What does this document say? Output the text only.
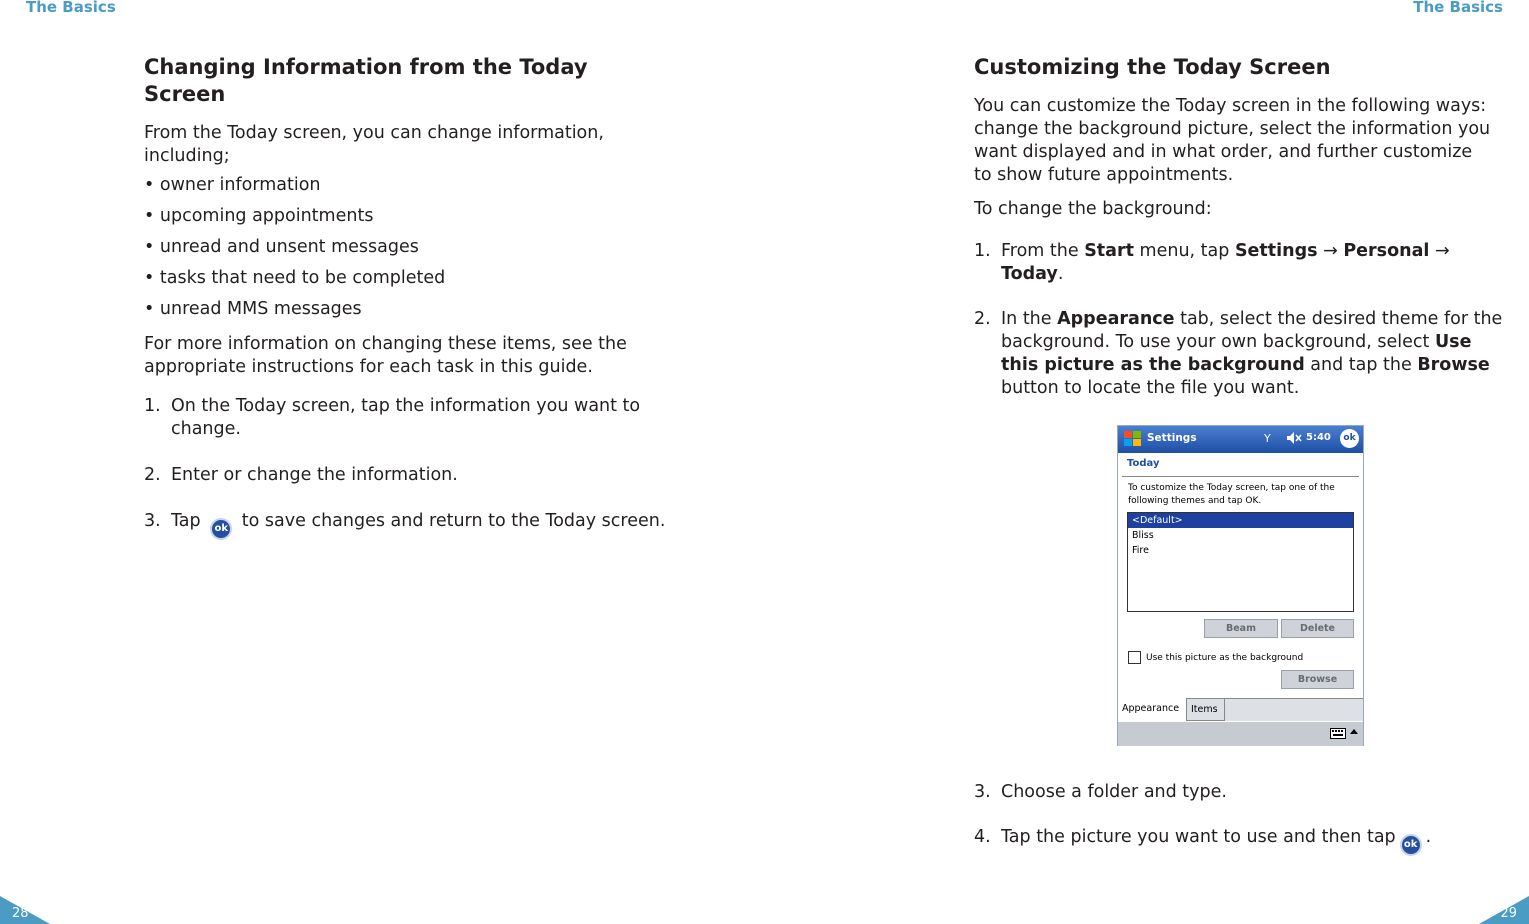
The Basics	The Basics
28	29
Changing Information from the Today Screen

From the Today screen, you can change information, including;

• owner information
• upcoming appointments
• unread and unsent messages
• tasks that need to be completed
• unread MMS messages

For more information on changing these items, see the appropriate instructions for each task in this guide.

1. On the Today screen, tap the information you want to change.
2. Enter or change the information.
3. Tap ok to save changes and return to the Today screen.
Customizing the Today Screen

You can customize the Today screen in the following ways: change the background picture, select the information you want displayed and in what order, and further customize to show future appointments.

To change the background:

1. From the Start menu, tap Settings → Personal → Today.
2. In the Appearance tab, select the desired theme for the background. To use your own background, select Use this picture as the background and tap the Browse button to locate the file you want.
3. Choose a folder and type.
4. Tap the picture you want to use and then tap ok .
Settings	Y	5:40	ok
Today
To customize the Today screen, tap one of the following themes and tap OK.
<Default>
Bliss
Fire
Beam	Delete
Use this picture as the background
Browse
Appearance	Items
